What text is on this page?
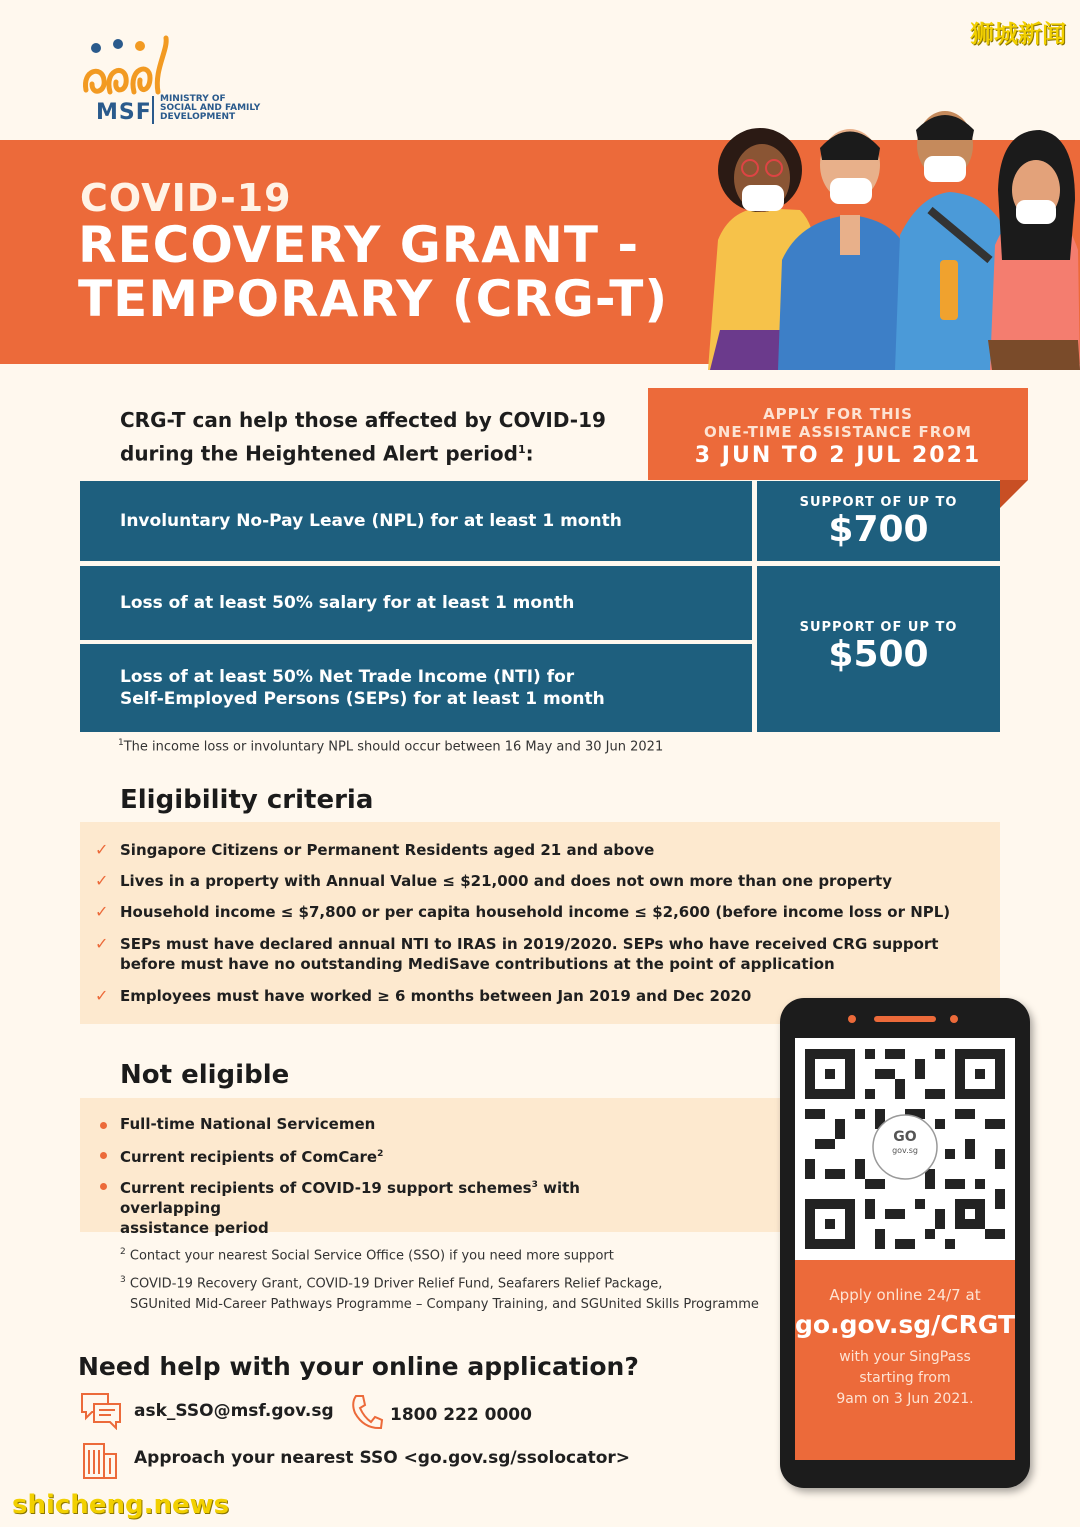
狮城新闻
MSF
MINISTRY OF
SOCIAL AND FAMILY
DEVELOPMENT
COVID-19
RECOVERY GRANT -
TEMPORARY (CRG-T)
CRG-T can help those affected by COVID-19
during the Heightened Alert period$^1$:
APPLY FOR THIS
ONE-TIME ASSISTANCE FROM
3 JUN TO 2 JUL 2021
Involuntary No-Pay Leave (NPL) for at least 1 month
Loss of at least 50% salary for at least 1 month
Loss of at least 50% Net Trade Income (NTI) for
Self-Employed Persons (SEPs) for at least 1 month
SUPPORT OF UP TO
$700
SUPPORT OF UP TO
$500
$^1$The income loss or involuntary NPL should occur between 16 May and 30 Jun 2021
Eligibility criteria
✓ Singapore Citizens or Permanent Residents aged 21 and above
✓ Lives in a property with Annual Value ≤ $21,000 and does not own more than one property
✓ Household income ≤ $7,800 or per capita household income ≤ $2,600 (before income loss or NPL)
✓ SEPs must have declared annual NTI to IRAS in 2019/2020. SEPs who have received CRG support
before must have no outstanding MediSave contributions at the point of application
✓ Employees must have worked ≥ 6 months between Jan 2019 and Dec 2020
Not eligible
Full-time National Servicemen
Current recipients of ComCare$^2$
Current recipients of COVID-19 support schemes$^3$ with overlapping
assistance period
$^2$ Contact your nearest Social Service Office (SSO) if you need more support
$^3$ COVID-19 Recovery Grant, COVID-19 Driver Relief Fund, Seafarers Relief Package,
SGUnited Mid-Career Pathways Programme – Company Training, and SGUnited Skills Programme
Need help with your online application?
ask_SSO@msf.gov.sg	1800 222 0000
Approach your nearest SSO <go.gov.sg/ssolocator>
GO
gov.sg
Apply online 24/7 at
go.gov.sg/CRGT
with your SingPass
starting from
9am on 3 Jun 2021.
shicheng.news
